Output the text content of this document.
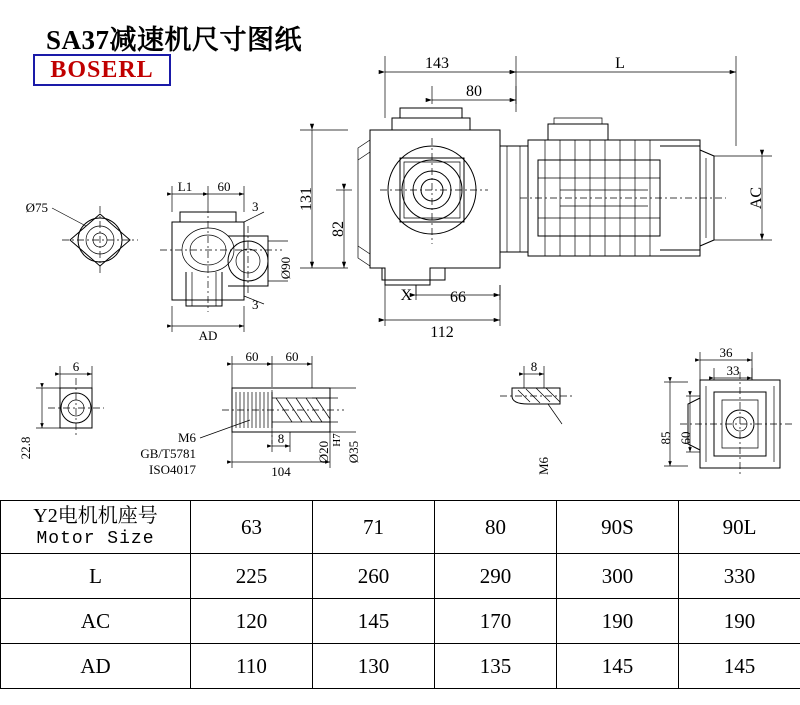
SA37减速机尺寸图纸
BOSERL	143	L
80
131
82
AC
66
112
X
Ø75
L1 60
3
3
Ø90
AD
6
22.8
60 60
8
104
M6
GB/T5781
ISO4017
Ø20
H7
Ø35
8
M6
36
33
85 60
Y2电机机座号
Motor Size	63	71	80	90S	90L
L	225	260	290	300	330
AC	120	145	170	190	190
AD	110	130	135	145	145
